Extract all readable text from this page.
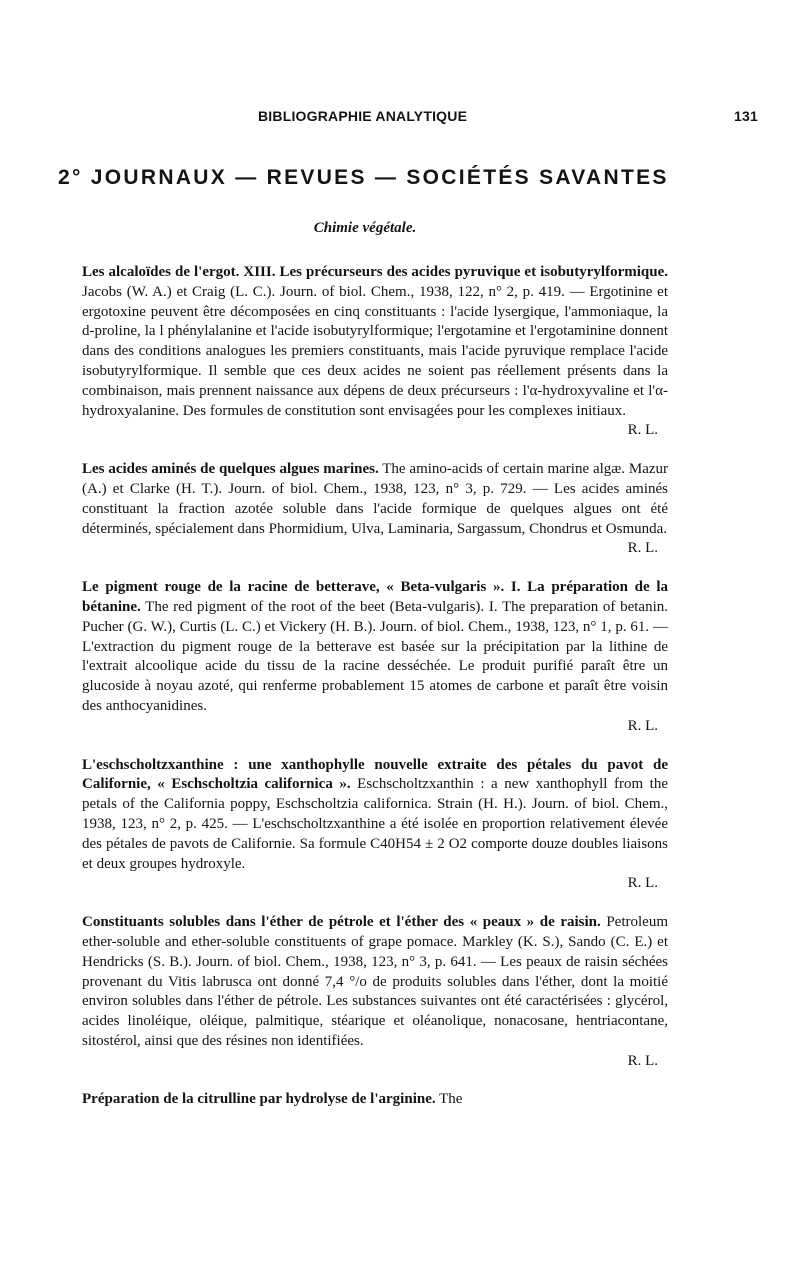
BIBLIOGRAPHIE ANALYTIQUE	131
2° JOURNAUX — REVUES — SOCIÉTÉS SAVANTES
Chimie végétale.

Les alcaloïdes de l'ergot. XIII. Les précurseurs des acides pyruvique et isobutyrylformique. Jacobs (W. A.) et Craig (L. C.). Journ. of biol. Chem., 1938, 122, n° 2, p. 419. — Ergotinine et ergotoxine peuvent être décomposées en cinq constituants : l'acide lysergique, l'ammoniaque, la d-proline, la l phénylalanine et l'acide isobutyrylformique; l'ergotamine et l'ergotaminine donnent dans des conditions analogues les premiers constituants, mais l'acide pyruvique remplace l'acide isobutyrylformique. Il semble que ces deux acides ne soient pas réellement présents dans la combinaison, mais prennent naissance aux dépens de deux précurseurs : l'α-hydroxyvaline et l'α-hydroxyalanine. Des formules de constitution sont envisagées pour les complexes initiaux.
R. L.

Les acides aminés de quelques algues marines. The amino-acids of certain marine algæ. Mazur (A.) et Clarke (H. T.). Journ. of biol. Chem., 1938, 123, n° 3, p. 729. — Les acides aminés constituant la fraction azotée soluble dans l'acide formique de quelques algues ont été déterminés, spécialement dans Phormidium, Ulva, Laminaria, Sargassum, Chondrus et Osmunda.
R. L.

Le pigment rouge de la racine de betterave, « Beta-vulgaris ». I. La préparation de la bétanine. The red pigment of the root of the beet (Beta-vulgaris). I. The preparation of betanin. Pucher (G. W.), Curtis (L. C.) et Vickery (H. B.). Journ. of biol. Chem., 1938, 123, n° 1, p. 61. — L'extraction du pigment rouge de la betterave est basée sur la précipitation par la lithine de l'extrait alcoolique acide du tissu de la racine desséchée. Le produit purifié paraît être un glucoside à noyau azoté, qui renferme probablement 15 atomes de carbone et paraît être voisin des anthocyanidines.
R. L.

L'eschscholtzxanthine : une xanthophylle nouvelle extraite des pétales du pavot de Californie, « Eschscholtzia californica ». Eschscholtzxanthin : a new xanthophyll from the petals of the California poppy, Eschscholtzia californica. Strain (H. H.). Journ. of biol. Chem., 1938, 123, n° 2, p. 425. — L'eschscholtzxanthine a été isolée en proportion relativement élevée des pétales de pavots de Californie. Sa formule C40H54 ± 2 O2 comporte douze doubles liaisons et deux groupes hydroxyle.
R. L.

Constituants solubles dans l'éther de pétrole et l'éther des « peaux » de raisin. Petroleum ether-soluble and ether-soluble constituents of grape pomace. Markley (K. S.), Sando (C. E.) et Hendricks (S. B.). Journ. of biol. Chem., 1938, 123, n° 3, p. 641. — Les peaux de raisin séchées provenant du Vitis labrusca ont donné 7,4 °/o de produits solubles dans l'éther, dont la moitié environ solubles dans l'éther de pétrole. Les substances suivantes ont été caractérisées : glycérol, acides linoléique, oléique, palmitique, stéarique et oléanolique, nonacosane, hentriacontane, sitostérol, ainsi que des résines non identifiées.
R. L.

Préparation de la citrulline par hydrolyse de l'arginine. The
